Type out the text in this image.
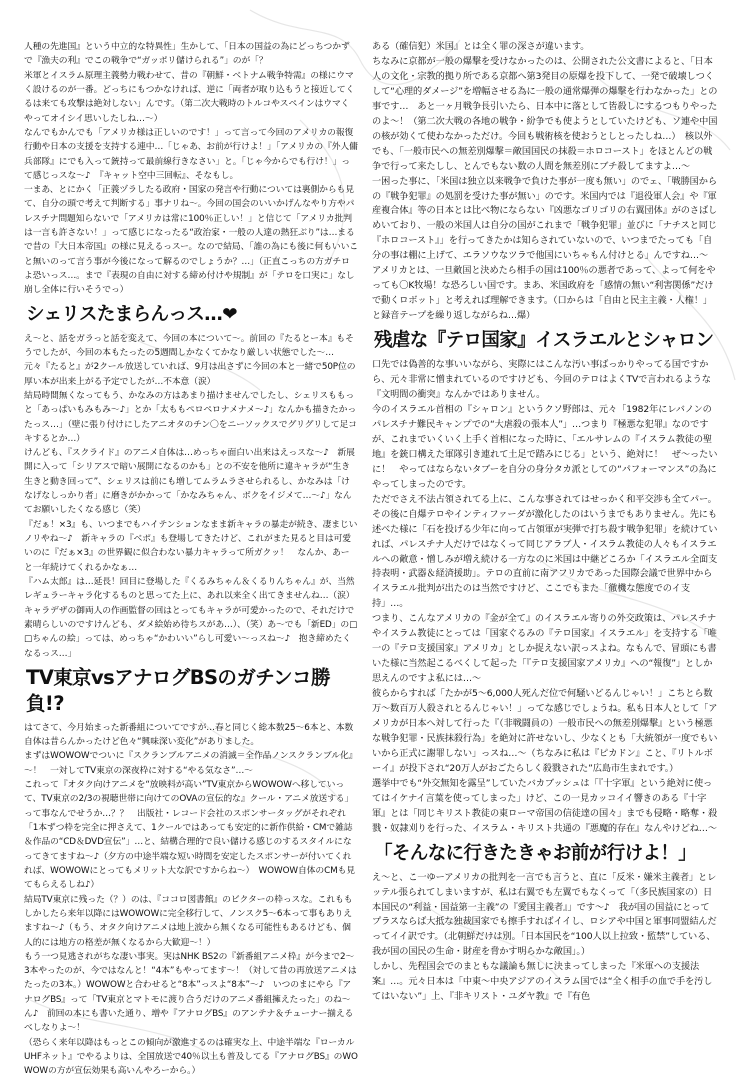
人種の先進国』という中立的な特異性」生かして、「日本の国益の為にどっちつかずで『漁夫の利』でこの戦争で“ガッポリ儲けられる”」のが「？

米軍とイスラム原理主義勢力戦わせて、昔の『朝鮮・ベトナム戦争特需』の様にウマく設けるのが一番。どっちにもつかなければ、逆に「両者が取り込もうと接近してくるは来ても攻撃は絶対しない」んです。（第二次大戦時のトルコやスペインはウマくやってオイシイ思いしたしね…～）

なんでもかんでも「アメリカ様は正しいのです！」って言って今回のアメリカの報復行動や日本の支援を支持する連中…「じゃあ、お前が行けよ！」「アメリカの『外人傭兵部隊』にでも入って銃持って最前線行きなさい」と。「じゃ今からでも行け！」って感じっスな～♪　『キャット空中三回転』、そなもし。

一まあ、とにかく「正義ヅラしたる政府・国家の発言や行動については裏側からも見て、自分の頭で考えて判断する」事ナリね～。今回の国会のいいかげんなやり方やパレスチナ問題知らないで「アメリカは常に100％正しい！」と信じて「アメリカ批判は一言も許さない！」って感じになったる“政治家・一般の人達の熱狂ぶり”は…まるで昔の『大日本帝国』の様に見えるっスー。なので結局、「誰の為にも後に何もいいこと無いのって言う事が今後になって解るのでしょうか？…」（正直こっちの方ガチロよ恐いっス…。まで『表現の自由に対する締め付けや規制』が「テロを口実に」なし崩し全体に行いそうでっ）

シェリスたまらんっス…❤

え～と、話をガラっと話を変えて、今回の本について～。前回の『たるとー本』もそうでしたが、今回の本もたったの5週間しかなくてかなり厳しい状態でした～…　元々『たると』が2クール放送していれば、9月は出さずに今回の本と一緒で50P位の厚い本が出来上がる予定でしたが…不本意（涙）

結局時間無くなってもう、かなみの方はあまり描けませんでしたし、シェリスももっと「あっぱいもみもみ～♪」とか「太ももペロペロナメナメ～♪」なんかも描きたかったっス…」（壁に張り付けにしたアニオタのチン〇をニーソックスでグリグリして足コキするとか…）

けんども、『スクライド』のアニメ自体は…めっちゃ面白い出来はえっスな～♪　新展開に入って「シリアスで暗い展開になるのかも」との不安を他所に違キャラが“生き生きと動き回って”、シェリスは前にも増してムラムラさせられるし、かなみは「けなげなしっかり者」に磨きがかかって「かなみちゃん、ボクをイジメて…～♪」なんてお願いしたくなる感じ（笑）

『だぁ！×3』も、いつまでもハイテンションなまま新キャラの暴走が続き、凄まじいノリやね～♪　新キャラの『ベポ』も登場してきたけど、これがまた見ると目は可愛いのに『だぁ×3』の世界観に似合わない暴力キャラって所ガクッ！　なんか、あーと一年続けてくれるかなぁ…

『ハム太郎』は…延長！回目に登場した『くるみちゃん＆くるりんちゃん』が、当然レギュラーキャラ化するものと思ってた上に、あれ以来全く出てきませんね…（涙）キャラデザの御両人の作画監督の回はとってもキャラが可愛かったので、それだけで素晴らしいのですけんども、ダメ絵始め待ちスがあ…）、（笑）あ～でも「新ED」の□□ちゃんの絵」っては、めっちゃ“かわいい”らし可愛い～っスね～♪　抱き締めたくなるっス…」

TV東京vsアナログBSのガチンコ勝負!?

はてさて、今月始まった新番組についてですが…春と同じく総本数25～6本と、本数自体は昔らんかったけど色々“興味深い変化”がありました。

まずはWOWOWでついに『スクランブルアニメの消滅＝全作品ノンスクランブル化』～！　一対してTV東京の深夜枠に対する“やる気なさ”…～

これって『オタク向けアニメを“放映料が高い”TV東京からWOWOWへ移していって、TV東京の2/3の視聴世帯に向けてのOVAの宣伝的な』クール・アニメ放送する」って事なんでせうか…？？　出版社・レコード会社のスポンサータッグがそれぞれ「1本ずつ枠を完全に押さえて、1クールではあっても安定的に新作供給・CMで雑誌＆作品の“CD＆DVD宣伝”」…と、結構合理的で良い儲ける感じのするスタイルになってきてますね～♪（夕方の中途半端な短い時間を安定したスポンサーが付いてくれれば、WOWOWにとってもメリット大な訳ですからね～）　WOWOW自体のCMも見てもらえるしね♪）

結局TV東京に残った（？）のは、『ココロ図書館』のビクターの枠っスな。これももしかしたら来年以降にはWOWOWに完全移行して、ノンスク5～6本って事もありえますね～♪（もう、オタク向けアニメは地上波から無くなる可能性もあるけども、個人的には地方の格差が無くなるから大歓迎～！）

もう一つ見逃されがちな凄い事実。実はNHK BS2の『新番組アニメ枠』が今まで2～3本やったのが、今ではなんと！“4本”もやってます～！（対して昔の再放送アニメはたったの3本。）WOWOWと合わせると“8本”っスよ“8本”～♪　いつのまにやら『アナログBS』って「TV東京とマトモに渡り合うだけのアニメ番組擁えたった」のね～ん♪　前回の本にも書いた通り、増や『アナログBS』のアンテナ＆チューナー揃えるべしなりよ～！

（恐らく来年以降はもっとこの傾向が激進するのは確実な上、中途半端な『ローカルUHFネット』でやるよりは、全国放送で40％以上も普及してる『アナログBS』のWOWOWの方が宣伝効果も高いんやろーから。）

ある（確信犯）米国』とは全く罪の深さが違います。

ちなみに京都が一般の爆撃を受けなかったのは、公開された公文書によると、「日本人の文化・宗教的拠り所である京都へ第3発目の原爆を投下して、一発で破壊しつくして“心理的ダメージ”を増幅させる為に一般の通常爆弾の爆撃を行わなかった」との事です…　あと一ヶ月戦争長引いたら、日本中に落として皆殺しにするつもりやったのよ～！（第二次大戦の各地の戦争・紛争でも使ようとしていたけども、ソ連や中国の核が効くて使わなかっただけ。今回も戦術核を使おうとしとったしね…）　核以外でも、「一般市民への無差別爆撃＝敵国国民の抹殺＝ホロコースト」をほとんどの戦争で行って来たしし、とんでもない数の人間を無差別にブチ殺してますよ…～

一困った事に、「米国は独立以来戦争で負けた事が一度も無い」のでェ、「戦勝国からの『戦争犯罪』の処罰を受けた事が無い」のです。米国内では『退役軍人会』や『軍産複合体』等の日本とは比べ物にならない『凶悪なゴリゴリの右翼団体』がのさばしめいており、一般の米国人は自分の国がこれまで「戦争犯罪」並びに「ナチスと同じ『ホロコースト』」を行ってきたかは知らされていないので、いつまでたっても「自分の事は棚に上げて、エラソウなツラで他国にいちゃもん付けとる」んですね…～

アメリカとは、一旦敵国と決めたら相手の国は100％の悪者であって、よって何をやっても〇K牧場！な恐ろしい国です。まあ、米国政府を「感情の無い“利害関係”だけで動くロボット」と考えれば理解できます。（口からは「自由と民主主義・人権！」と録音テープを繰り返しながらね…爆）

残虐な『テロ国家』イスラエルとシャロン

口先では偽善的な事いいながら、実際にはこんな汚い事ばっかりやってる国ですから、元々非常に憎まれているのですけども、今回のテロはよくTVで言われるような『文明間の衝突』なんかではありません。

今のイスラエル首相の『シャロン』というクソ野郎は、元々「1982年にレバノンのパレスチナ難民キャンプでの“大虐殺の張本人”」…つまり『極悪な犯罪』なのですが、これまでいくいく上手く首相になった時に、「エルサレムの『イスラム教徒の聖地』を銃口構えた軍隊引き連れて土足で踏みにじる」という、絶対に！　ぜ～ったいに！　やってはならないタブーを自分の身分タカ派としての“パフォーマンス”の為にやってしまったのです。

ただでさえ不法占領されてる上に、こんな事されてはせっかく和平交渉も全てパー。その後に自爆テロやインティファーダが激化したのはいうまでもありません。先にも述べた様に「石を投げる少年に向って占領軍が実弾で打ち殺す戦争犯罪」を続けていれば、パレスチナ人だけではなくって同じアラブ人・イスラム教徒の人々もイスラエルへの敵意・憎しみが増え続ける一方なのに米国は中継どころか「イスラエル全面支持表明・武器＆経済援助」。テロの直前に南アフリカであった国際会議で世界中からイスラエル批判が出たのは当然ですけど、ここでもまた「徹機な態度でのイ支持」…。

つまり、こんなアメリカの『金が全て』のイスラエル寄りの外交政策は、パレスチナやイスラム教徒にとっては「国家ぐるみの『テロ国家』イスラエル」を支持する「唯一の『テロ支援国家』アメリカ」としか捉えない訳っスよね。なもんで、冒頭にも書いた様に当然起こるべくして起った「『テロ支援国家アメリカ』への“報復”」としか思えんのですよ私には…～

彼らからすれば「たかが5～6,000人死んだ位で何騒いどるんじゃい！」こちとら数万～数百万人殺されとるんじゃい！」ってな感じでしょうね。私も日本人として「アメリカが日本へ対して行った『（非戦闘員の）一般市民への無差別爆撃』という極悪な戦争犯罪・民族抹殺行為」を絶対に許せないし、少なくとも「大統領が一度でもいいから正式に謝罪しない」っスね…～（ちなみに私は『ピカドン』こと、『リトルボーイ』が投下され“20万人がおごたらしく殺戮された”広島市生まれです。）

選挙中でも“外交無知を露呈”していたバカブッシュは「『十字軍』という絶対に使ってはイケナイ言葉を使ってしまった」けど、この一見カッコイイ響きのある『十字軍』とは「同じキリスト教徒の東ローマ帝国の信徒達の国々」までも侵略・略奪・殺戮・奴隷刈りを行った、イスラム・キリスト共通の『悪魔的存在』なんやけどね…～

「そんなに行きたきゃお前が行けよ！」

え～と、こ一ゆーアメリカの批判を一言でも言うと、直に「反米・嫌米主義者」とレッテル張られてしまいますが、私は右翼でも左翼でもなくって「（多民族国家の）日本国民の“利益・国益第一主義”の『愛国主義者』」です～♪　我が国の国益にとってプラスならば大抵な独裁国家でも擦手すればイイし、ロシアや中国と軍事同盟結んだってイイ訳です。（北朝鮮だけは別。「日本国民を“100人以上拉致・監禁”している、我が国の国民の生命・財産を脅かす明らかな敵国」。）

しかし、先程国会でのまともな議論も無しに決まってしまった『米軍への支援法案』…。元々日本は「中東～中央アジアのイスラム国では“全く相手の血で手を汚してはいない”」上、『非キリスト・ユダヤ教』で『有色
